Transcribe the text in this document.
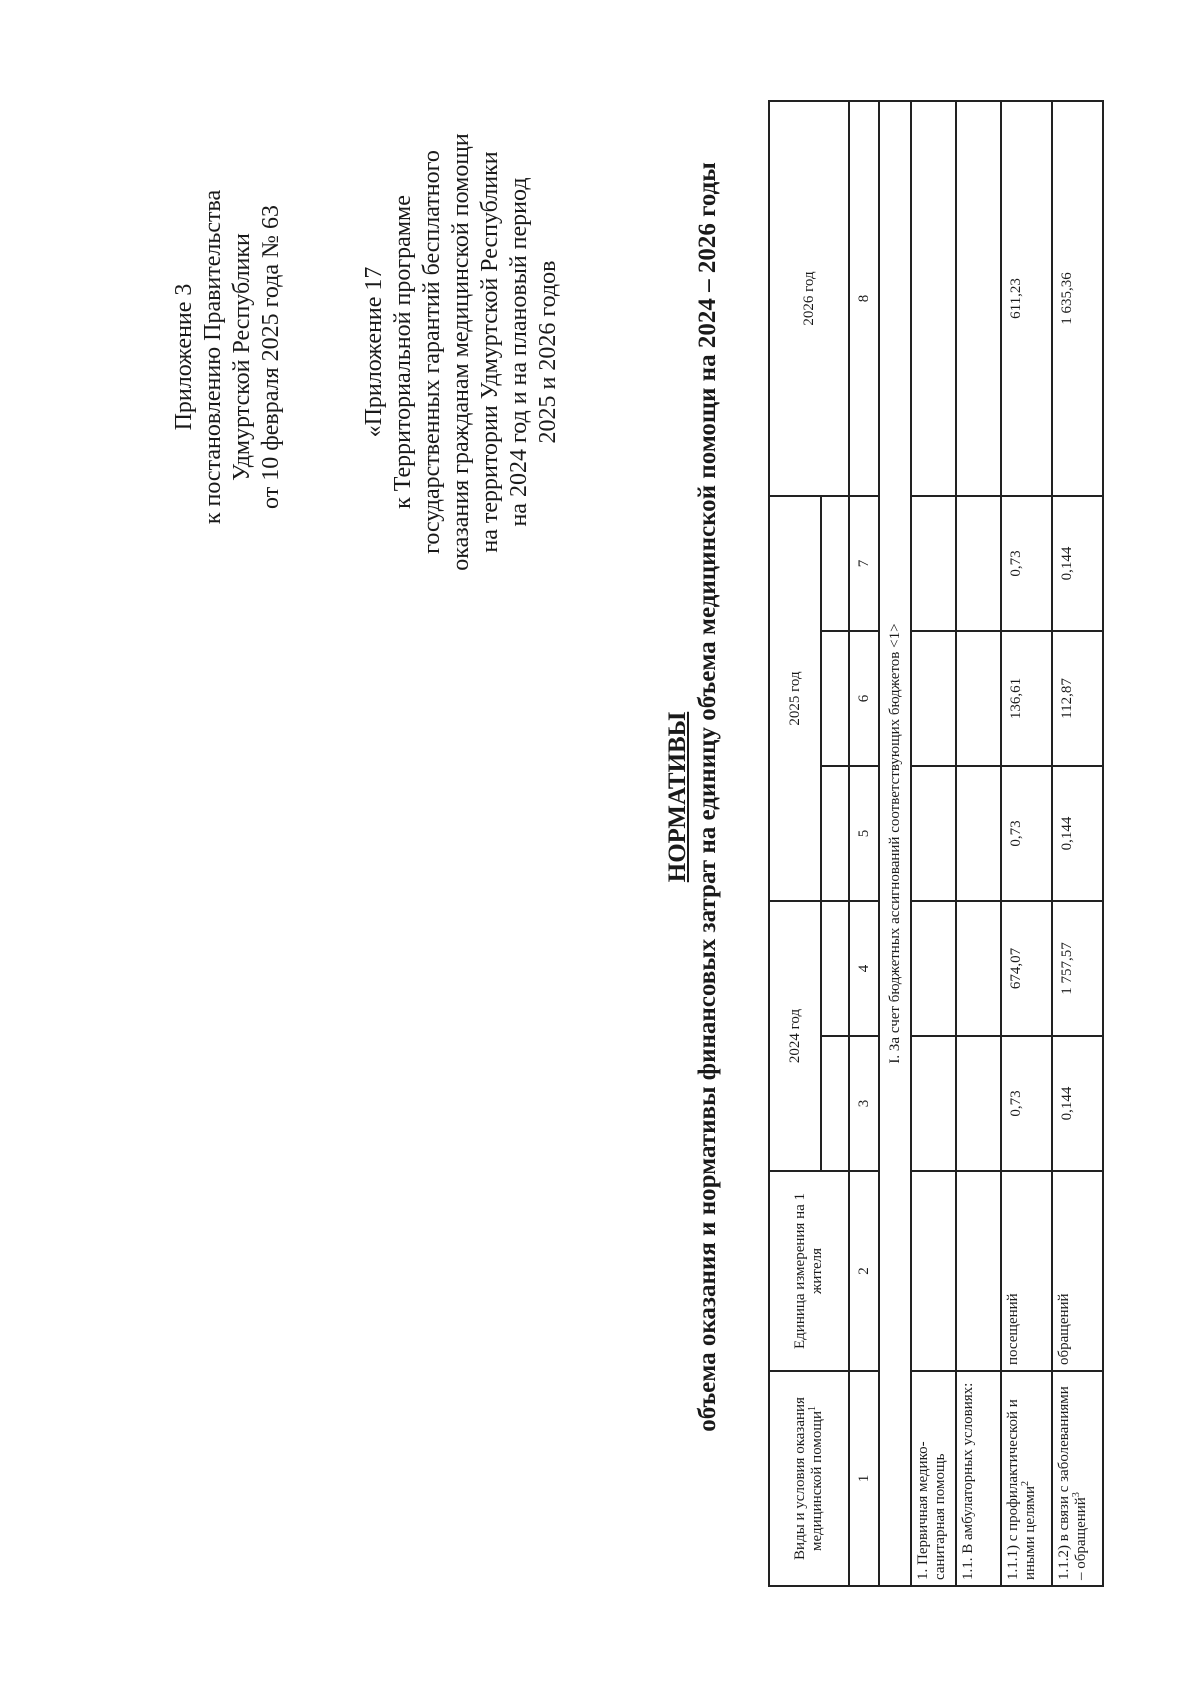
Приложение 3 к постановлению Правительства Удмуртской Республики от 10 февраля 2025 года № 63	«Приложение 17 к Территориальной программе государственных гарантий бесплатного оказания гражданам медицинской помощи на территории Удмуртской Республики на 2024 год и на плановый период 2025 и 2026 годов
НОРМАТИВЫ объема оказания и нормативы финансовых затрат на единицу объема медицинской помощи на 2024 – 2026 годы
Виды и условия оказания медицинской помощи$^1$	Единица измерения на 1 жителя	2024 год		2025 год			2026 год

1	2	3	4	5	6	7	8
I. За счет бюджетных ассигнований соответствующих бюджетов <1>							
1. Первичная медико-санитарная помощь							
1.1. В амбулаторных условиях:							
1.1.1) с профилактической и иными целями$^2$	посещений	0,73	674,07	0,73	136,61	0,73	611,23
1.1.2) в связи с заболеваниями – обращений$^3$	обращений	0,144	1 757,57	0,144	112,87	0,144	1 635,36
